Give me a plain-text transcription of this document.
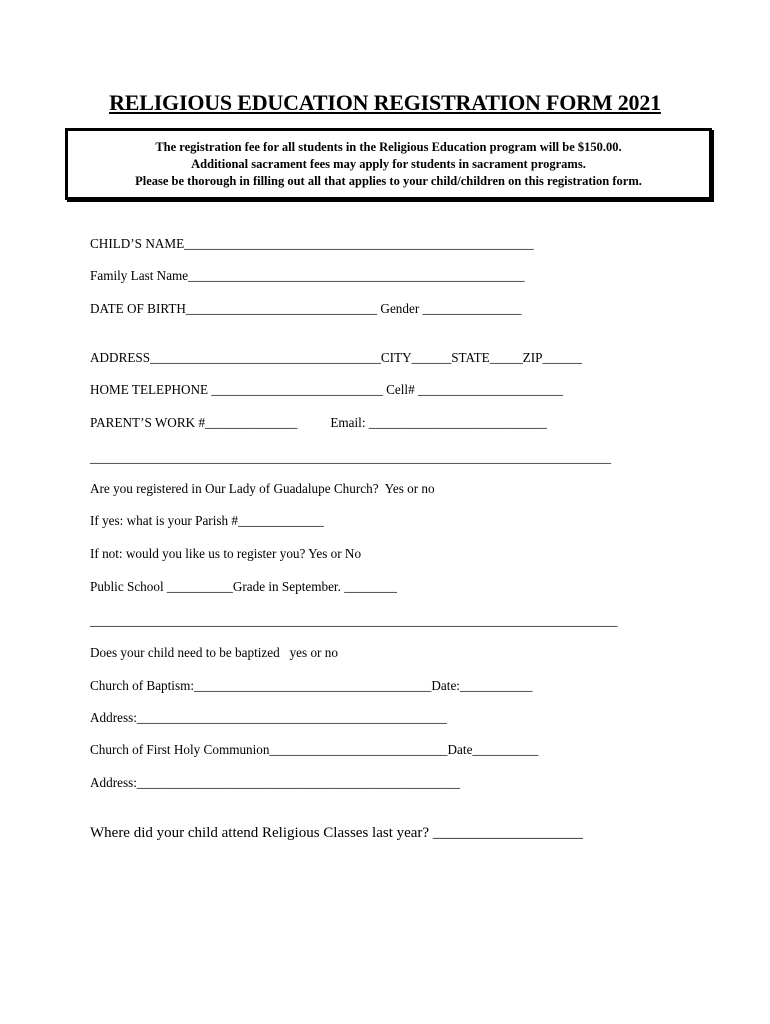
RELIGIOUS EDUCATION REGISTRATION FORM 2021
The registration fee for all students in the Religious Education program will be $150.00.
Additional sacrament fees may apply for students in sacrament programs.
Please be thorough in filling out all that applies to your child/children on this registration form.
CHILD’S NAME_____________________________________________________
Family Last Name___________________________________________________
DATE OF BIRTH_____________________________ Gender _______________
ADDRESS___________________________________CITY______STATE_____ZIP______
HOME TELEPHONE __________________________ Cell# ______________________
PARENT’S WORK #______________          Email: ___________________________
_______________________________________________________________________________
Are you registered in Our Lady of Guadalupe Church?  Yes or no
If yes: what is your Parish #_____________
If not: would you like us to register you? Yes or No
Public School __________Grade in September. ________
________________________________________________________________________________
Does your child need to be baptized   yes or no
Church of Baptism:____________________________________Date:___________
Address:_______________________________________________
Church of First Holy Communion___________________________Date__________
Address:_________________________________________________
Where did your child attend Religious Classes last year? ____________________
